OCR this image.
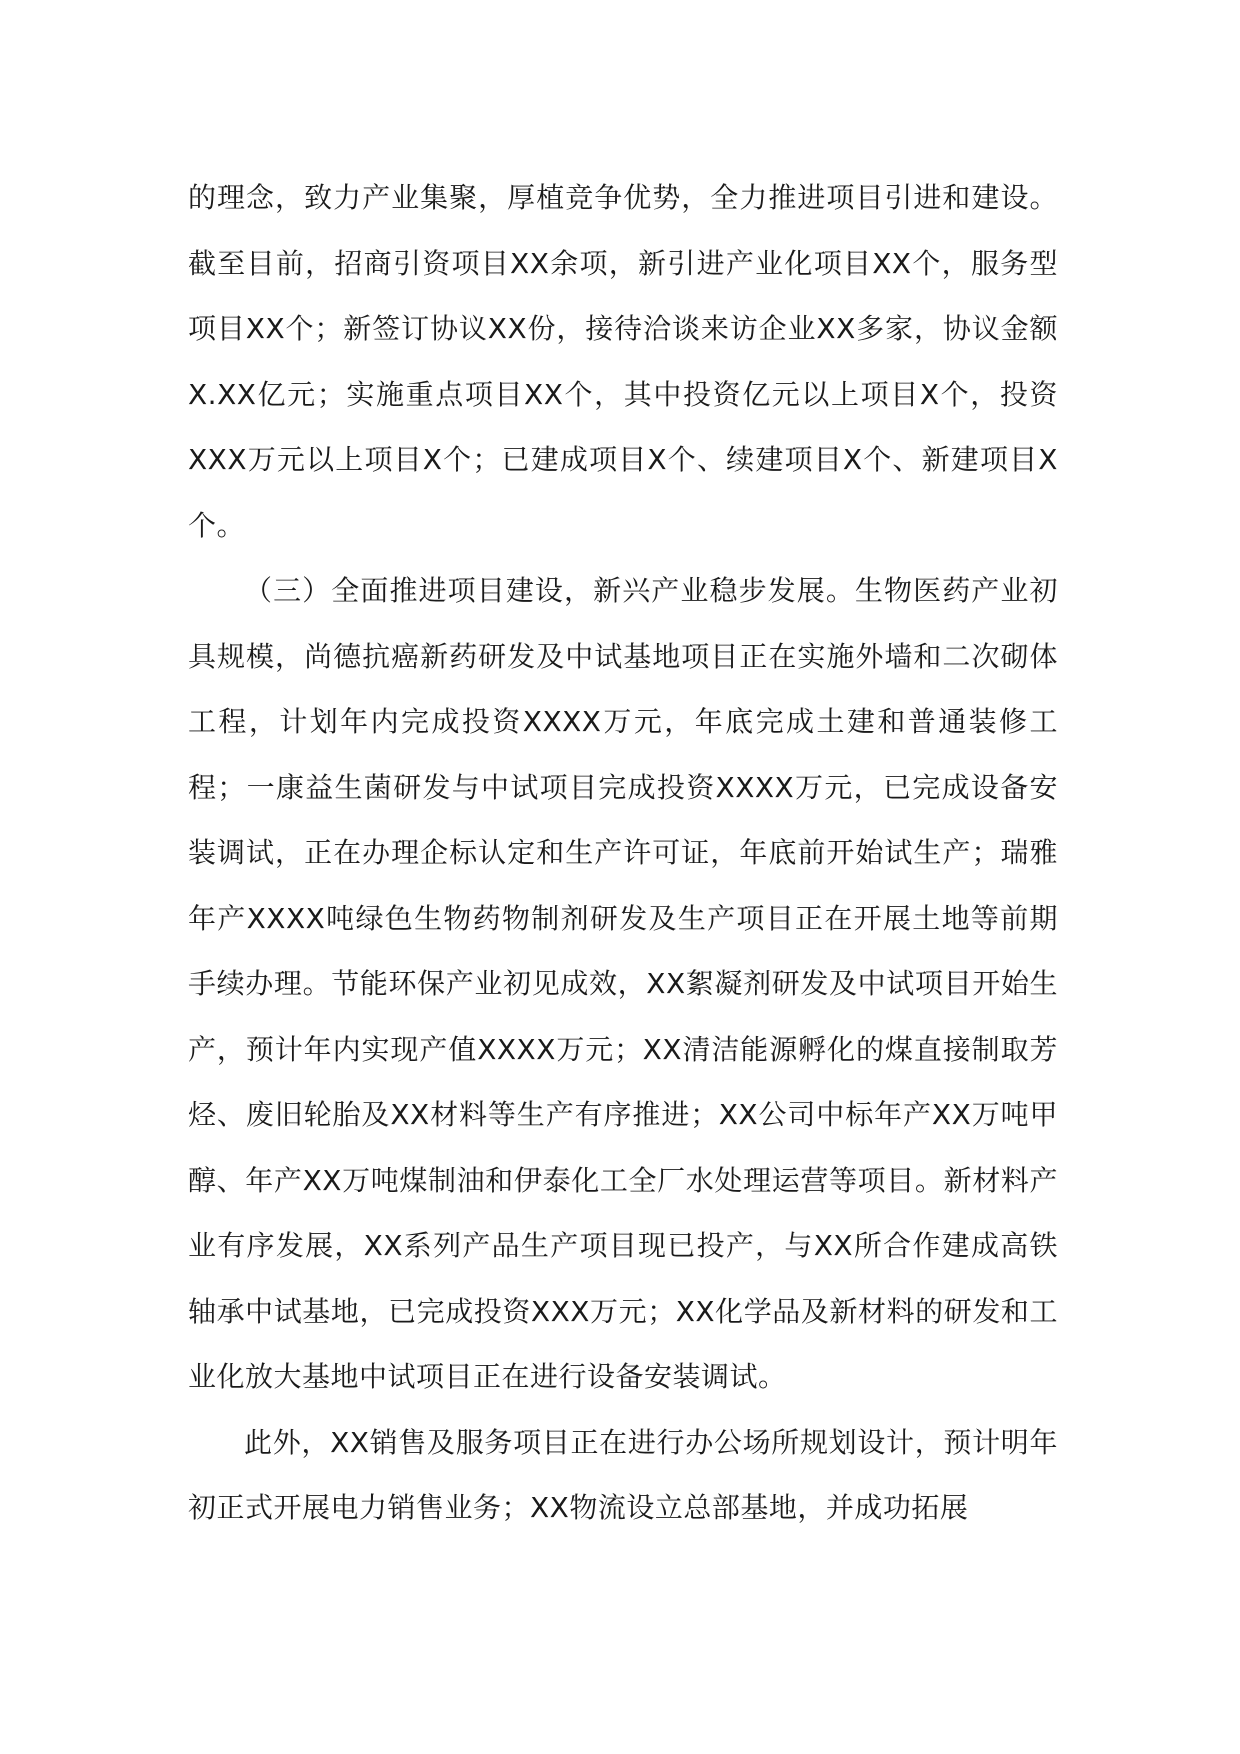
的理念，致力产业集聚，厚植竞争优势，全力推进项目引进和建设。截至目前，招商引资项目XX余项，新引进产业化项目XX个，服务型项目XX个；新签订协议XX份，接待洽谈来访企业XX多家，协议金额X.XX亿元；实施重点项目XX个，其中投资亿元以上项目X个，投资XXX万元以上项目X个；已建成项目X个、续建项目X个、新建项目X个。

（三）全面推进项目建设，新兴产业稳步发展。生物医药产业初具规模，尚德抗癌新药研发及中试基地项目正在实施外墙和二次砌体工程，计划年内完成投资XXXX万元，年底完成土建和普通装修工程；一康益生菌研发与中试项目完成投资XXXX万元，已完成设备安装调试，正在办理企标认定和生产许可证，年底前开始试生产；瑞雅年产XXXX吨绿色生物药物制剂研发及生产项目正在开展土地等前期手续办理。节能环保产业初见成效，XX絮凝剂研发及中试项目开始生产，预计年内实现产值XXXX万元；XX清洁能源孵化的煤直接制取芳烃、废旧轮胎及XX材料等生产有序推进；XX公司中标年产XX万吨甲醇、年产XX万吨煤制油和伊泰化工全厂水处理运营等项目。新材料产业有序发展，XX系列产品生产项目现已投产，与XX所合作建成高铁轴承中试基地，已完成投资XXX万元；XX化学品及新材料的研发和工业化放大基地中试项目正在进行设备安装调试。

此外，XX销售及服务项目正在进行办公场所规划设计，预计明年初正式开展电力销售业务；XX物流设立总部基地，并成功拓展
